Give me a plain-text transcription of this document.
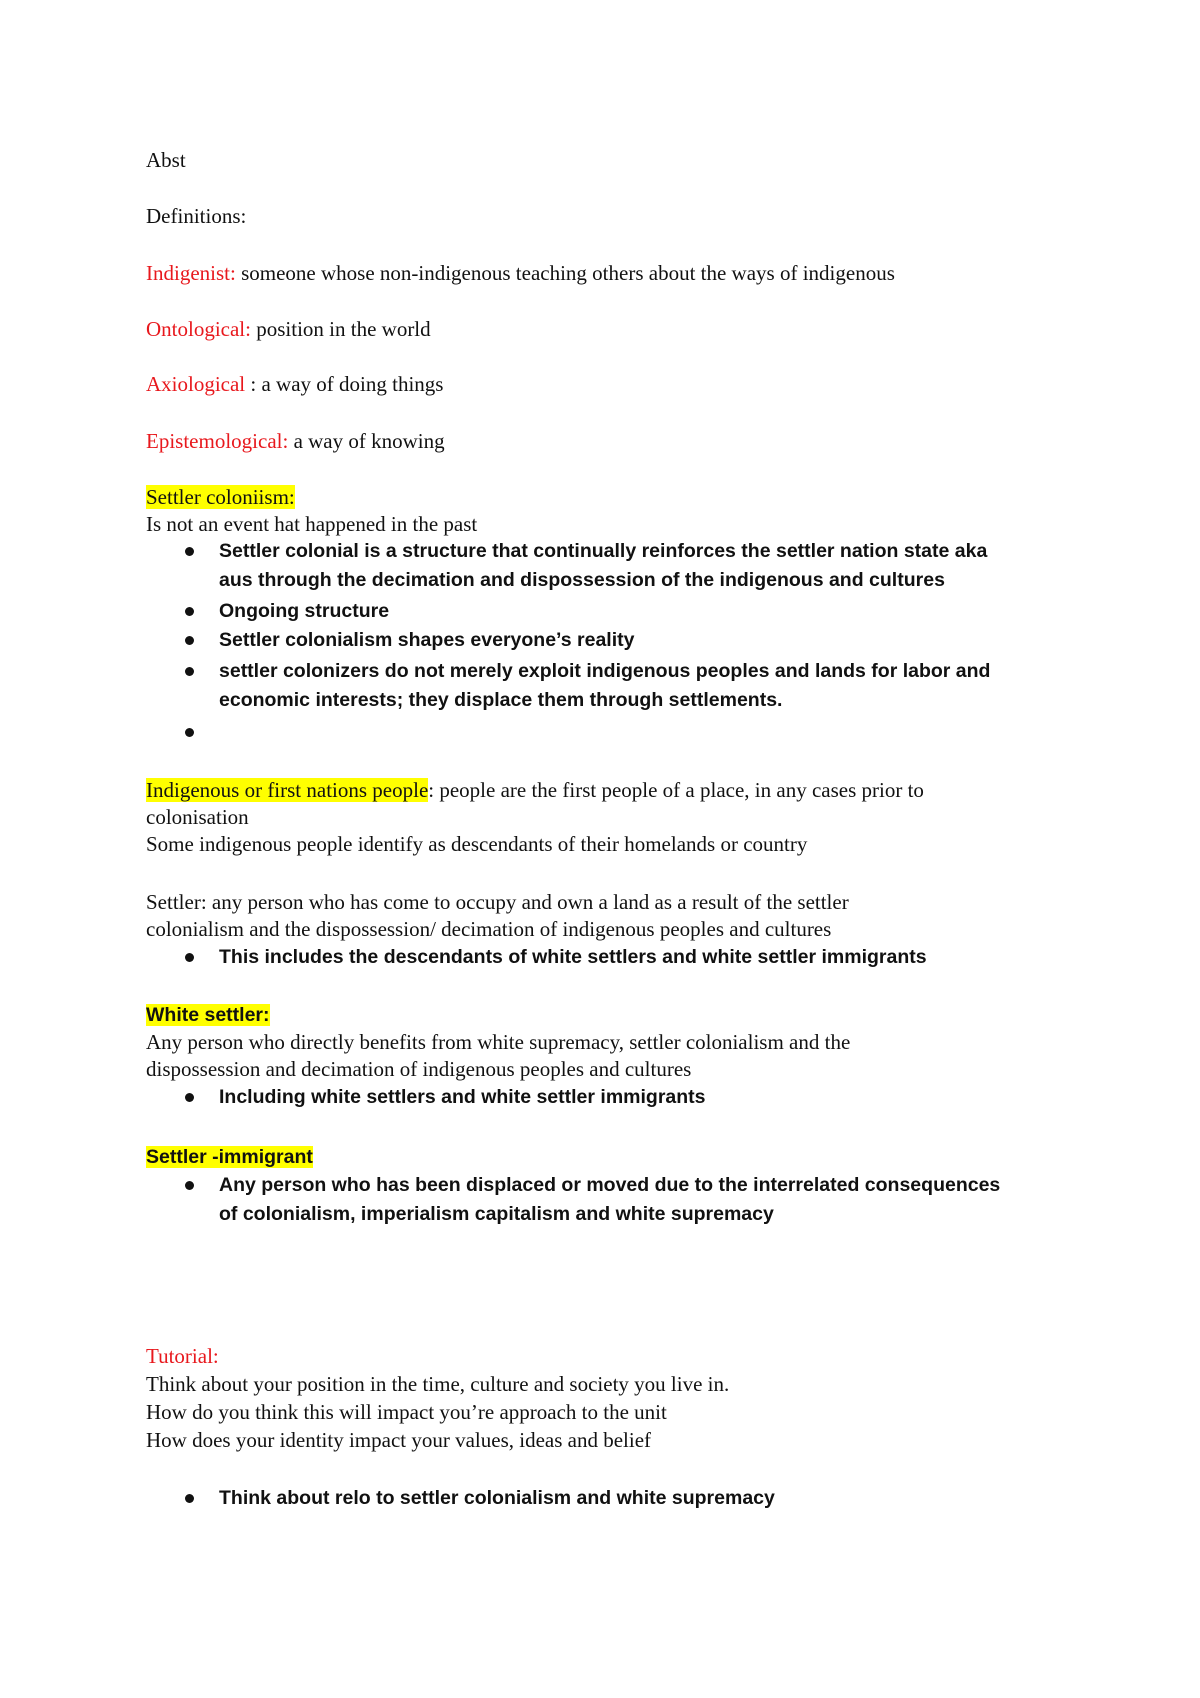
Abst
Definitions:
Indigenist: someone whose non-indigenous teaching others about the ways of indigenous
Ontological: position in the world
Axiological : a way of doing things
Epistemological: a way of knowing
Settler coloniism:
Is not an event hat happened in the past
Settler colonial is a structure that continually reinforces the settler nation state aka
aus through the decimation and dispossession of the indigenous and cultures
Ongoing structure
Settler colonialism shapes everyone’s reality
settler colonizers do not merely exploit indigenous peoples and lands for labor and
economic interests; they displace them through settlements.
Indigenous or first nations people: people are the first people of a place, in any cases prior to
colonisation
Some indigenous people identify as descendants of their homelands or country
Settler: any person who has come to occupy and own a land as a result of the settler
colonialism and the dispossession/ decimation of indigenous peoples and cultures
This includes the descendants of white settlers and white settler immigrants
White settler:
Any person who directly benefits from white supremacy, settler colonialism and the
dispossession and decimation of indigenous peoples and cultures
Including white settlers and white settler immigrants
Settler -immigrant
Any person who has been displaced or moved due to the interrelated consequences
of colonialism, imperialism capitalism and white supremacy
Tutorial:
Think about your position in the time, culture and society you live in.
How do you think this will impact you’re approach to the unit
How does your identity impact your values, ideas and belief
Think about relo to settler colonialism and white supremacy
